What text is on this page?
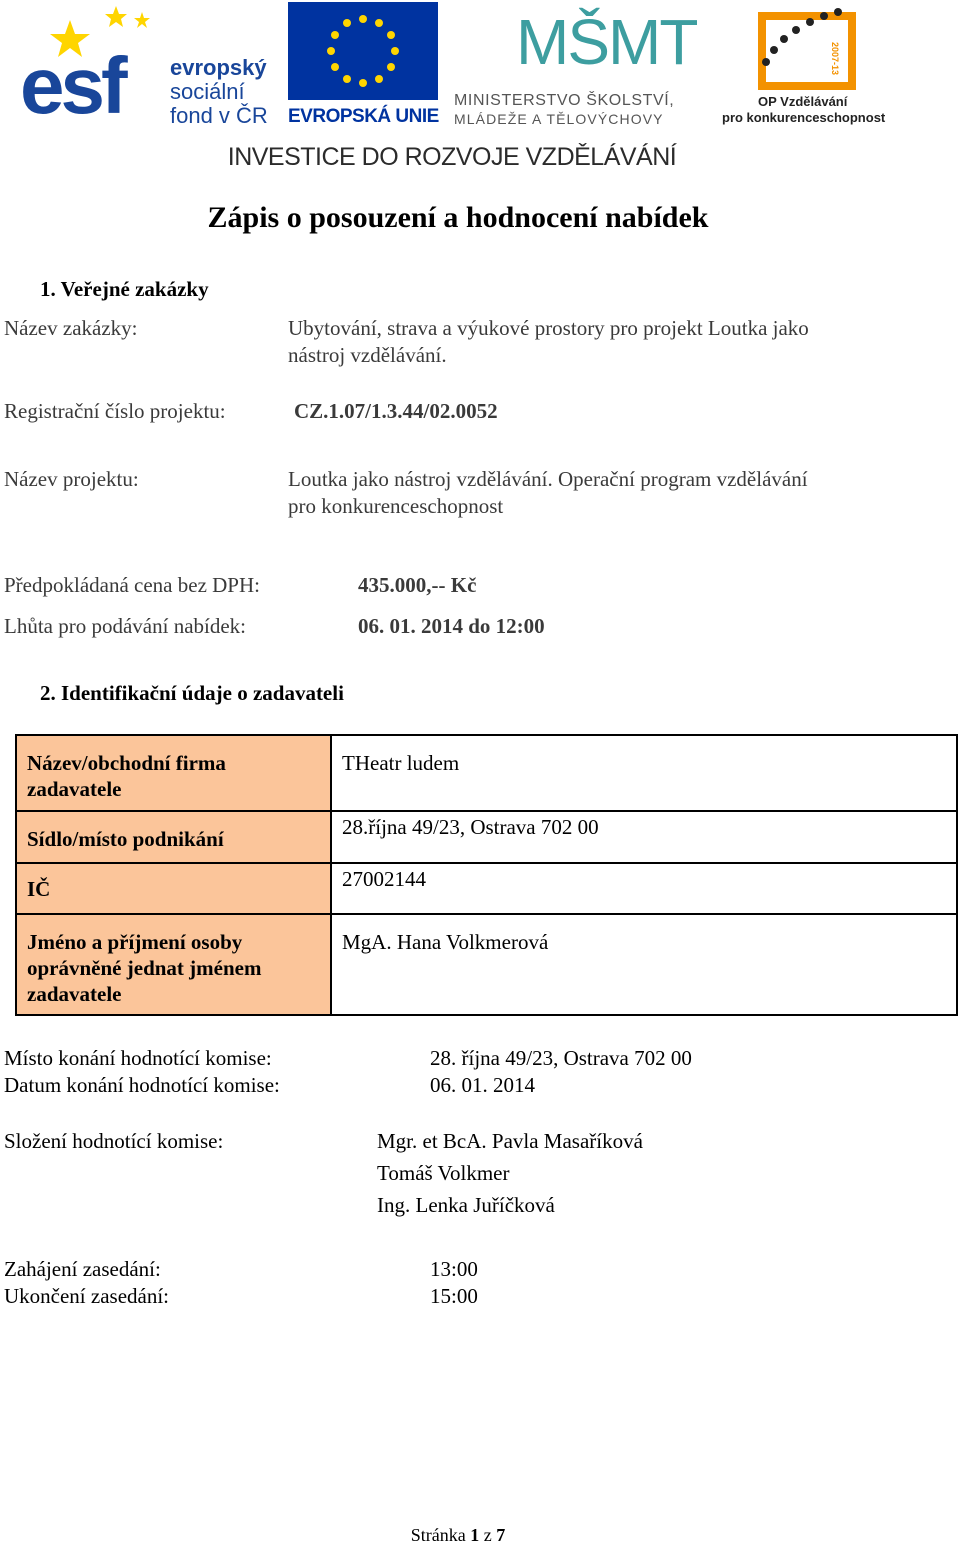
esf evropský
sociální
fond v ČR EVROPSKÁ UNIE
MŠMT
MINISTERSTVO ŠKOLSTVÍ,
MLÁDEŽE A TĚLOVÝCHOVY
2007-13
OP Vzdělávání
pro konkurenceschopnost
INVESTICE DO ROZVOJE VZDĚLÁVÁNÍ
Zápis o posouzení a hodnocení nabídek
1. Veřejné zakázky
Název zakázky:	Ubytování, strava a výukové prostory pro projekt Loutka jako
nástroj vzdělávání.
Registrační číslo projektu:	CZ.1.07/1.3.44/02.0052
Název projektu:	Loutka jako nástroj vzdělávání. Operační program vzdělávání
pro konkurenceschopnost
Předpokládaná cena bez DPH:	435.000,-- Kč
Lhůta pro podávání nabídek:	06. 01. 2014 do 12:00
2. Identifikační údaje o zadavateli
Název/obchodní firma zadavatele	THeatr ludem
Sídlo/místo podnikání	28.října 49/23, Ostrava 702 00
IČ	27002144
Jméno a příjmení osoby oprávněné jednat jménem zadavatele	MgA. Hana Volkmerová
Místo konání hodnotící komise:	28. října 49/23, Ostrava 702 00
Datum konání hodnotící komise:	06. 01. 2014
Složení hodnotící komise:	Mgr. et BcA. Pavla Masaříková
Tomáš Volkmer
Ing. Lenka Juříčková
Zahájení zasedání:	13:00
Ukončení zasedání:	15:00
Stránka 1 z 7
